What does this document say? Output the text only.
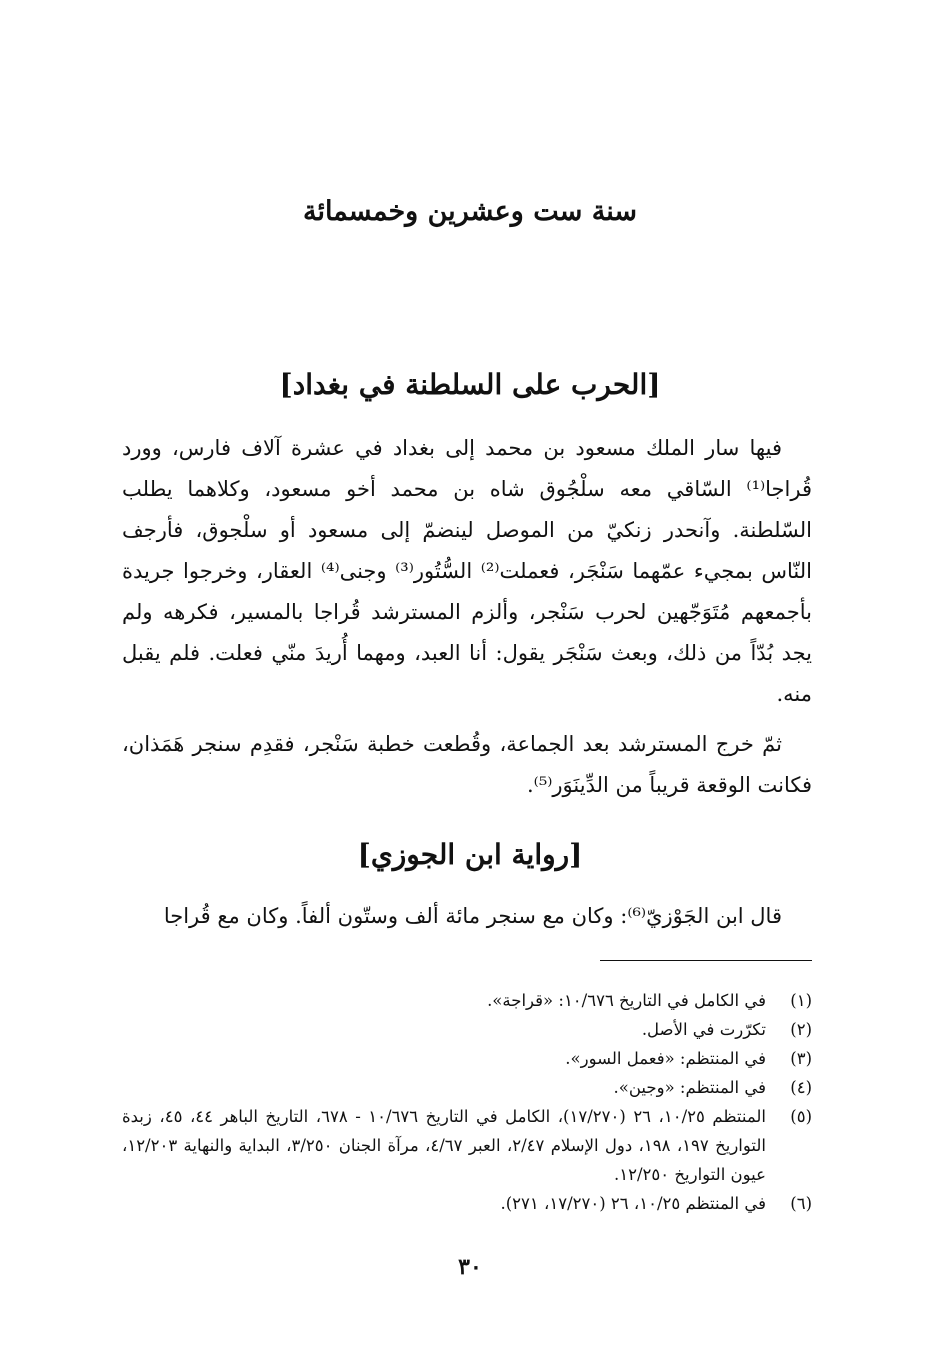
سنة ست وعشرين وخمسمائة
[الحرب على السلطنة في بغداد]

فيها سار الملك مسعود بن محمد إلى بغداد في عشرة آلاف فارس، وورد قُراجا⁽¹⁾ السّاقي معه سلْجُوق شاه بن محمد أخو مسعود، وكلاهما يطلب السّلطنة. وآنحدر زنكيّ من الموصل لينضمّ إلى مسعود أو سلْجوق، فأرجف النّاس بمجيء عمّهما سَنْجَر، فعملت⁽²⁾ السُّتُور⁽³⁾ وجنى⁽⁴⁾ العقار، وخرجوا جريدة بأجمعهم مُتَوَجّهين لحرب سَنْجر، وألزم المسترشد قُراجا بالمسير، فكرهه ولم يجد بُدّاً من ذلك، وبعث سَنْجَر يقول: أنا العبد، ومهما أُريدَ منّي فعلت. فلم يقبل منه.

ثمّ خرج المسترشد بعد الجماعة، وقُطعت خطبة سَنْجر، فقدِم سنجر هَمَذان، فكانت الوقعة قريباً من الدِّينَوَر⁽⁵⁾.

[رواية ابن الجوزي]

قال ابن الجَوْزيّ⁽⁶⁾: وكان مع سنجر مائة ألف وستّون ألفاً. وكان مع قُراجا

(١)
في الكامل في التاريخ ١٠/٦٧٦: «قراجة».
(٢)
تكرّرت في الأصل.
(٣)
في المنتظم: «فعمل السور».
(٤)
في المنتظم: «وجين».
(٥)
المنتظم ١٠/٢٥، ٢٦ (١٧/٢٧٠)، الكامل في التاريخ ١٠/٦٧٦ - ٦٧٨، التاريخ الباهر ٤٤، ٤٥، زبدة التواريخ ١٩٧، ١٩٨، دول الإسلام ٢/٤٧، العبر ٤/٦٧، مرآة الجنان ٣/٢٥٠، البداية والنهاية ١٢/٢٠٣، عيون التواريخ ١٢/٢٥٠.
(٦)
في المنتظم ١٠/٢٥، ٢٦ (١٧/٢٧٠، ٢٧١).
٣٠
